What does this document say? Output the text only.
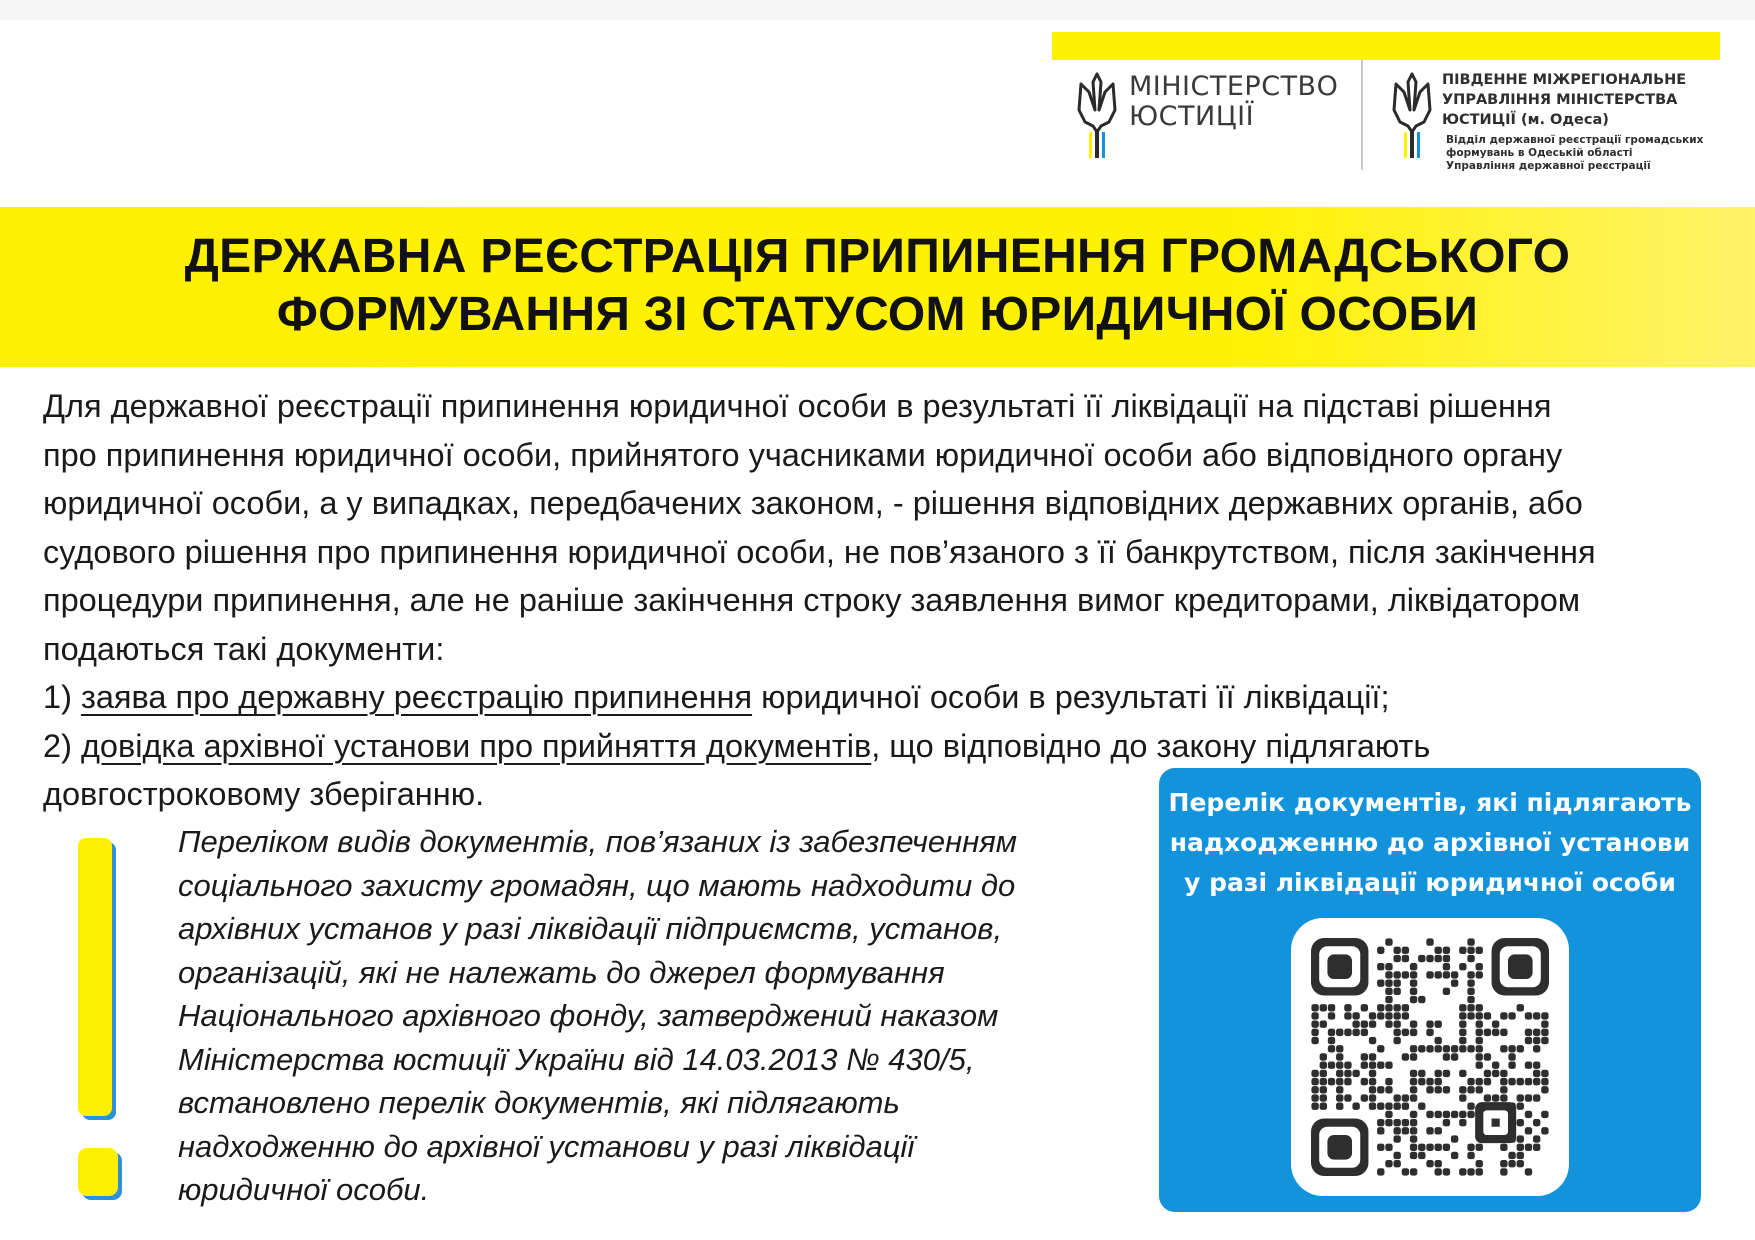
МІНІСТЕРСТВО
ЮСТИЦІЇ
ПІВДЕННЕ МІЖРЕГІОНАЛЬНЕ
УПРАВЛІННЯ МІНІСТЕРСТВА
ЮСТИЦІЇ (м. Одеса)
Відділ державної реєстрації громадських
формувань в Одеській області
Управління державної реєстрації
ДЕРЖАВНА РЕЄСТРАЦІЯ ПРИПИНЕННЯ ГРОМАДСЬКОГО
ФОРМУВАННЯ ЗІ СТАТУСОМ ЮРИДИЧНОЇ ОСОБИ
Для державної реєстрації припинення юридичної особи в результаті її ліквідації на підставі рішення
про припинення юридичної особи, прийнятого учасниками юридичної особи або відповідного органу
юридичної особи, а у випадках, передбачених законом, - рішення відповідних державних органів, або
судового рішення про припинення юридичної особи, не пов’язаного з її банкрутством, після закінчення
процедури припинення, але не раніше закінчення строку заявлення вимог кредиторами, ліквідатором
подаються такі документи:
1) заява про державну реєстрацію припинення юридичної особи в результаті її ліквідації;
2) довідка архівної установи про прийняття документів, що відповідно до закону підлягають
довгостроковому зберіганню.
Переліком видів документів, пов’язаних із забезпеченням
соціального захисту громадян, що мають надходити до
архівних установ у разі ліквідації підприємств, установ,
організацій, які не належать до джерел формування
Національного архівного фонду, затверджений наказом
Міністерства юстиції України від 14.03.2013 № 430/5,
встановлено перелік документів, які підлягають
надходженню до архівної установи у разі ліквідації
юридичної особи.
Перелік документів, які підлягають
надходженню до архівної установи
у разі ліквідації юридичної особи
